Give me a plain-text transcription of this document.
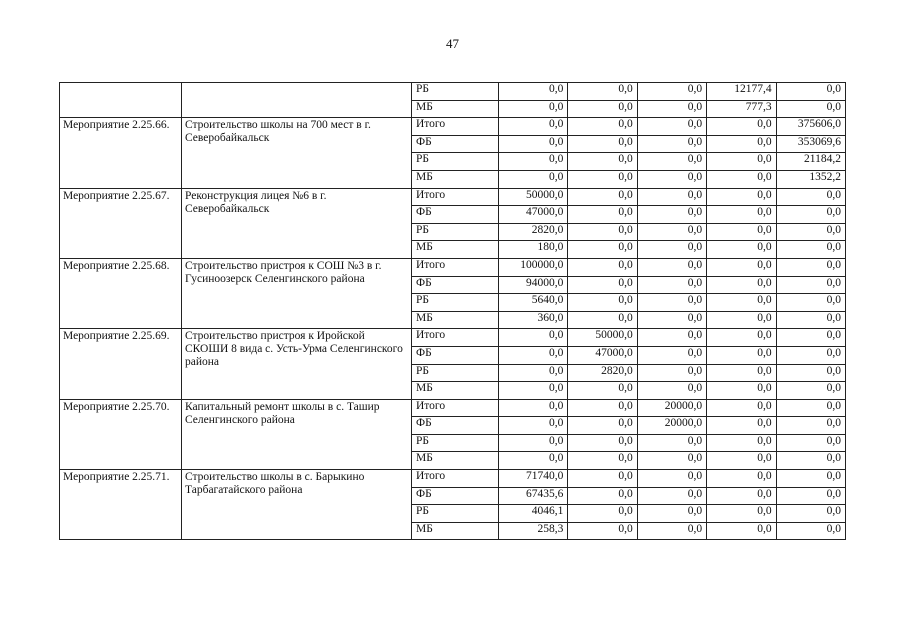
47
		РБ	0,0	0,0	0,0	12177,4	0,0
		МБ	0,0	0,0	0,0	777,3	0,0
Мероприятие 2.25.66.	Строительство школы на 700 мест в г. Северобайкальск	Итого	0,0	0,0	0,0	0,0	375606,0
		ФБ	0,0	0,0	0,0	0,0	353069,6
		РБ	0,0	0,0	0,0	0,0	21184,2
		МБ	0,0	0,0	0,0	0,0	1352,2
Мероприятие 2.25.67.	Реконструкция лицея №6 в г. Северобайкальск	Итого	50000,0	0,0	0,0	0,0	0,0
		ФБ	47000,0	0,0	0,0	0,0	0,0
		РБ	2820,0	0,0	0,0	0,0	0,0
		МБ	180,0	0,0	0,0	0,0	0,0
Мероприятие 2.25.68.	Строительство пристроя к СОШ №3 в г. Гусиноозерск Селенгинского района	Итого	100000,0	0,0	0,0	0,0	0,0
		ФБ	94000,0	0,0	0,0	0,0	0,0
		РБ	5640,0	0,0	0,0	0,0	0,0
		МБ	360,0	0,0	0,0	0,0	0,0
Мероприятие 2.25.69.	Строительство пристроя к Иройской СКОШИ 8 вида с. Усть-Урма Селенгинского района	Итого	0,0	50000,0	0,0	0,0	0,0
		ФБ	0,0	47000,0	0,0	0,0	0,0
		РБ	0,0	2820,0	0,0	0,0	0,0
		МБ	0,0	0,0	0,0	0,0	0,0
Мероприятие 2.25.70.	Капитальный ремонт школы в с. Ташир Селенгинского района	Итого	0,0	0,0	20000,0	0,0	0,0
		ФБ	0,0	0,0	20000,0	0,0	0,0
		РБ	0,0	0,0	0,0	0,0	0,0
		МБ	0,0	0,0	0,0	0,0	0,0
Мероприятие 2.25.71.	Строительство школы в с. Барыкино Тарбагатайского района	Итого	71740,0	0,0	0,0	0,0	0,0
		ФБ	67435,6	0,0	0,0	0,0	0,0
		РБ	4046,1	0,0	0,0	0,0	0,0
		МБ	258,3	0,0	0,0	0,0	0,0
